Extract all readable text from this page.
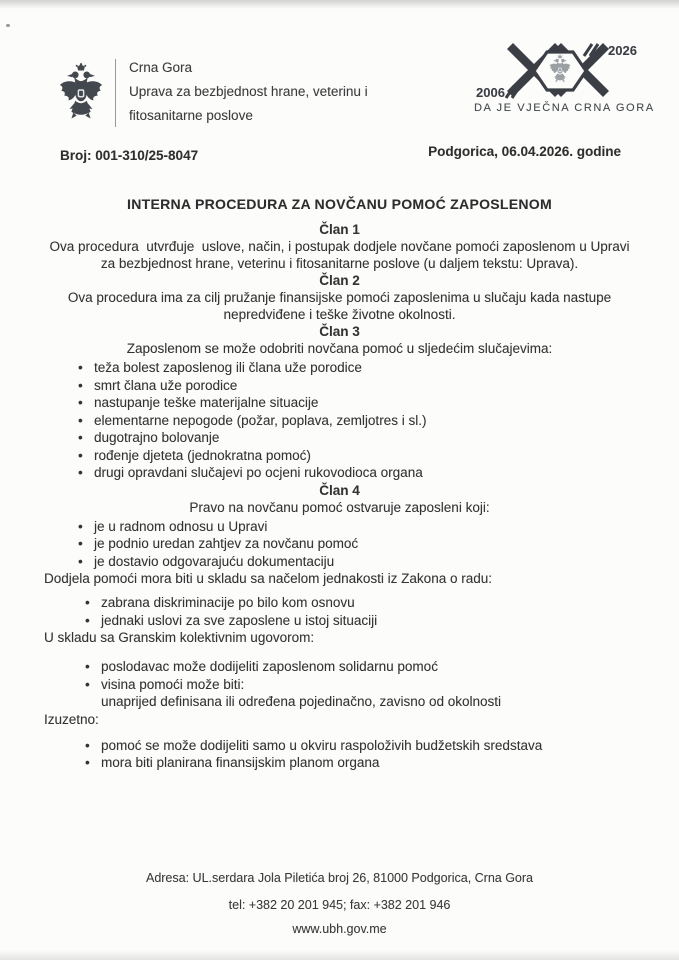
Crna Gora
Uprava za bezbjednost hrane, veterinu i
fitosanitarne poslove
2006
2026
DA JE VJEČNA CRNA GORA
Broj: 001-310/25-8047	Podgorica, 06.04.2026. godine
INTERNA PROCEDURA ZA NOVČANU POMOĆ ZAPOSLENOM
Član 1

Ova procedura  utvrđuje  uslove, način, i postupak dodjele novčane pomoći zaposlenom u Upravi za bezbjednost hrane, veterinu i fitosanitarne poslove (u daljem tekstu: Uprava).

Član 2

Ova procedura ima za cilj pružanje finansijske pomoći zaposlenima u slučaju kada nastupe nepredviđene i teške životne okolnosti.

Član 3

Zaposlenom se može odobriti novčana pomoć u sljedećim slučajevima:

• teža bolest zaposlenog ili člana uže porodice
• smrt člana uže porodice
• nastupanje teške materijalne situacije
• elementarne nepogode (požar, poplava, zemljotres i sl.)
• dugotrajno bolovanje
• rođenje djeteta (jednokratna pomoć)
• drugi opravdani slučajevi po ocjeni rukovodioca organa
Član 4

Pravo na novčanu pomoć ostvaruje zaposleni koji:

• je u radnom odnosu u Upravi
• je podnio uredan zahtjev za novčanu pomoć
• je dostavio odgovarajuću dokumentaciju

Dodjela pomoći mora biti u skladu sa načelom jednakosti iz Zakona o radu:

• zabrana diskriminacije po bilo kom osnovu
• jednaki uslovi za sve zaposlene u istoj situaciji

U skladu sa Granskim kolektivnim ugovorom:

• poslodavac može dodijeliti zaposlenom solidarnu pomoć
• visina pomoći može biti:
unaprijed definisana ili određena pojedinačno, zavisno od okolnosti

Izuzetno:

• pomoć se može dodijeliti samo u okviru raspoloživih budžetskih sredstava
• mora biti planirana finansijskim planom organa
Adresa: UL.serdara Jola Piletića broj 26, 81000 Podgorica, Crna Gora
tel: +382 20 201 945; fax: +382 201 946
www.ubh.gov.me
